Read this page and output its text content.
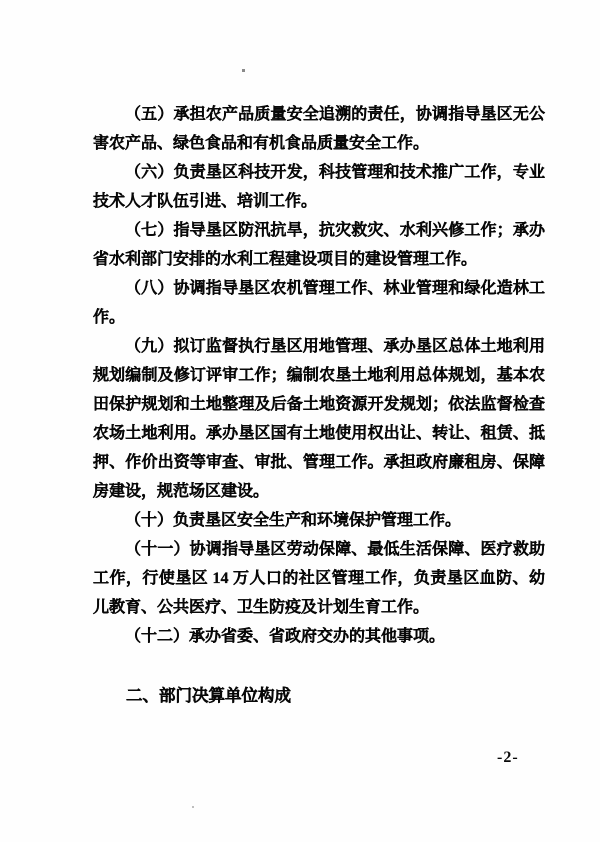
（五）承担农产品质量安全追溯的责任，协调指导垦区无公害农产品、绿色食品和有机食品质量安全工作。

（六）负责垦区科技开发，科技管理和技术推广工作，专业技术人才队伍引进、培训工作。

（七）指导垦区防汛抗旱，抗灾救灾、水利兴修工作；承办省水利部门安排的水利工程建设项目的建设管理工作。

（八）协调指导垦区农机管理工作、林业管理和绿化造林工作。

（九）拟订监督执行垦区用地管理、承办垦区总体土地利用规划编制及修订评审工作；编制农垦土地利用总体规划，基本农田保护规划和土地整理及后备土地资源开发规划；依法监督检查农场土地利用。承办垦区国有土地使用权出让、转让、租赁、抵押、作价出资等审查、审批、管理工作。承担政府廉租房、保障房建设，规范场区建设。

（十）负责垦区安全生产和环境保护管理工作。

（十一）协调指导垦区劳动保障、最低生活保障、医疗救助工作，行使垦区 14 万人口的社区管理工作，负责垦区血防、幼儿教育、公共医疗、卫生防疫及计划生育工作。

（十二）承办省委、省政府交办的其他事项。

二、部门决算单位构成

-2-
